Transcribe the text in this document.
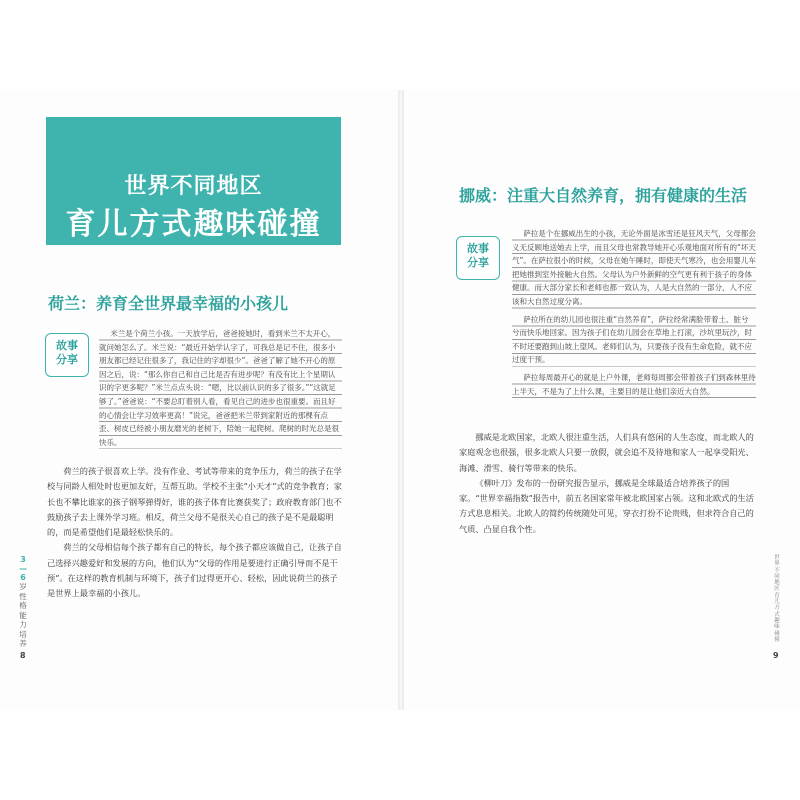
世界不同地区
育儿方式趣味碰撞
荷兰：养育全世界最幸福的小孩儿
故事
分享

米兰是个荷兰小孩。一天放学后，爸爸接她时，看到米兰不太开心，就问她怎么了。米兰说：“最近开始学认字了，可我总是记不住，很多小朋友都已经记住很多了，我记住的字却很少”。爸爸了解了她不开心的原因之后，说：“那么你自己和自己比是否有进步呢？有没有比上个星期认识的字更多呢？”米兰点点头说：“嗯，比以前认识的多了很多。”“这就足够了。”爸爸说：“不要总盯着别人看，看见自己的进步也很重要。而且好的心情会让学习效率更高！”说完，爸爸把米兰带到家附近的那棵有点歪、树皮已经被小朋友磨光的老树下，陪她一起爬树。爬树的时光总是很快乐。

荷兰的孩子很喜欢上学。没有作业、考试等带来的竞争压力，荷兰的孩子在学校与同龄人相处时也更加友好，互帮互助。学校不主张“小天才”式的竞争教育；家长也不攀比谁家的孩子钢琴弹得好，谁的孩子体育比赛获奖了；政府教育部门也不鼓励孩子去上课外学习班。相反，荷兰父母不是很关心自己的孩子是不是最聪明的，而是希望他们是最轻松快乐的。

荷兰的父母相信每个孩子都有自己的特长，每个孩子都应该做自己，让孩子自己选择兴趣爱好和发展的方向，他们认为“父母的作用是要进行正确引导而不是干预”。在这样的教育机制与环境下，孩子们过得更开心、轻松，因此说荷兰的孩子是世界上最幸福的小孩儿。

3
—
6
岁
性
格
能
力
培
养
8
挪威：注重大自然养育，拥有健康的生活
故事
分享

萨拉是个在挪威出生的小孩，无论外面是冰雪还是狂风天气，父母都会义无反顾地送她去上学，而且父母也常教导她开心乐观地面对所有的“坏天气”。在萨拉很小的时候，父母在她午睡时，即使天气寒冷，也会用婴儿车把她推到室外接触大自然。父母认为户外新鲜的空气更有利于孩子的身体健康。而大部分家长和老师也都一致认为，人是大自然的一部分，人不应该和大自然过度分离。

萨拉所在的幼儿园也很注重“自然养育”，萨拉经常满脸带着土、脏兮兮而快乐地回家。因为孩子们在幼儿园会在草地上打滚，沙坑里玩沙，时不时还要跑到山坡上望风。老师们认为，只要孩子没有生命危险，就不应过度干预。

萨拉每周最开心的就是上户外课，老师每周都会带着孩子们到森林里待上半天，不是为了上什么课，主要目的是让他们亲近大自然。

挪威是北欧国家，北欧人很注重生活，人们具有悠闲的人生态度，而北欧人的家庭观念也很强，很多北欧人只要一放假，就会追不及待地和家人一起享受阳光、海滩、滑雪、骑行等带来的快乐。

《柳叶刀》发布的一份研究报告显示，挪威是全球最适合培养孩子的国家。“世界幸福指数”报告中，前五名国家常年被北欧国家占领。这和北欧式的生活方式息息相关。北欧人的简约传统随处可见，穿衣打扮不论贵贱，但求符合自己的气质、凸显自我个性。

世
界
不
同
地
区
育
儿
方
式
趣
味
碰
撞
9
